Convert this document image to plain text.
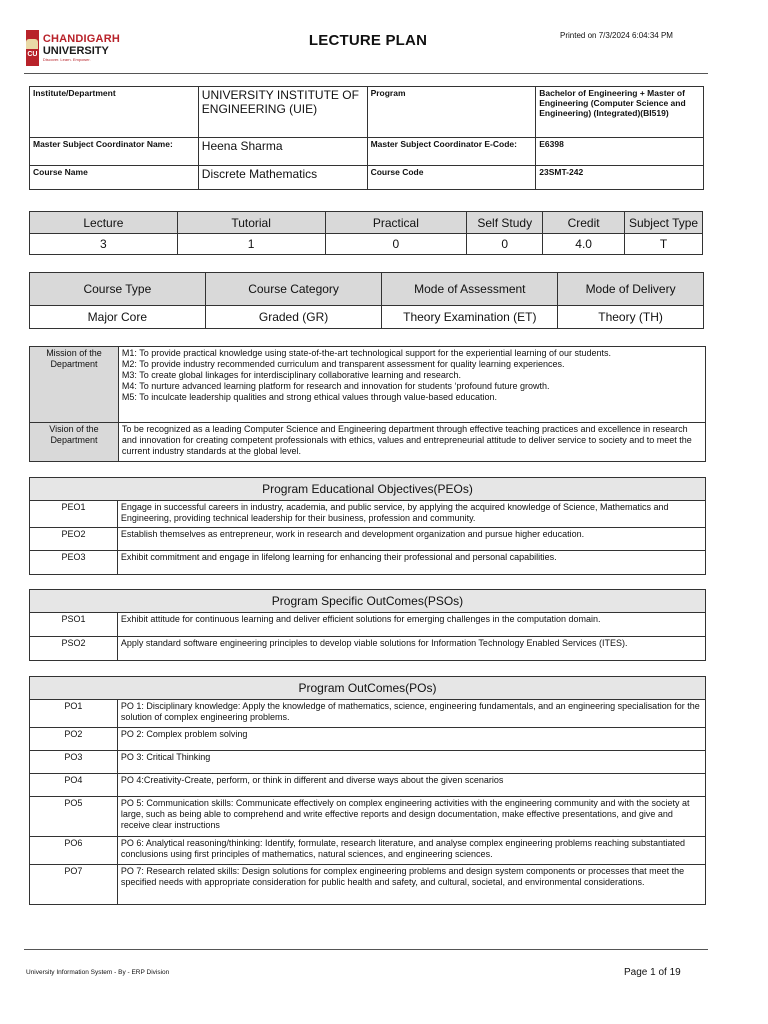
CU
CHANDIGARH
UNIVERSITY
Discover. Learn. Empower.
LECTURE PLAN	Printed on 7/3/2024 6:04:34 PM
Institute/Department	UNIVERSITY INSTITUTE OF ENGINEERING (UIE)	Program	Bachelor of Engineering + Master of Engineering (Computer Science and Engineering) (Integrated)(BI519)
Master Subject Coordinator Name:	Heena Sharma	Master Subject Coordinator E-Code:	E6398
Course Name	Discrete Mathematics	Course Code	23SMT-242
Lecture	Tutorial	Practical	Self Study	Credit	Subject Type
3	1	0	0	4.0	T
Course Type	Course Category	Mode of Assessment	Mode of Delivery
Major Core	Graded (GR)	Theory Examination (ET)	Theory (TH)
Mission of the Department	M1: To provide practical knowledge using state-of-the-art technological support for the experiential learning of our students.
M2: To provide industry recommended curriculum and transparent assessment for quality learning experiences.
M3: To create global linkages for interdisciplinary collaborative learning and research.
M4: To nurture advanced learning platform for research and innovation for students ‘profound future growth.
M5: To inculcate leadership qualities and strong ethical values through value-based education.

Vision of the Department	To be recognized as a leading Computer Science and Engineering department through effective teaching practices and excellence in research and innovation for creating competent professionals with ethics, values and entrepreneurial attitude to deliver service to society and to meet the current industry standards at the global level.
Program Educational Objectives(PEOs)	
PEO1	Engage in successful careers in industry, academia, and public service, by applying the acquired knowledge of Science, Mathematics and Engineering, providing technical leadership for their business, profession and community.
PEO2	Establish themselves as entrepreneur, work in research and development organization and pursue higher education.
PEO3	Exhibit commitment and engage in lifelong learning for enhancing their professional and personal capabilities.
Program Specific OutComes(PSOs)	
PSO1	Exhibit attitude for continuous learning and deliver efficient solutions for emerging challenges in the computation domain.
PSO2	Apply standard software engineering principles to develop viable solutions for Information Technology Enabled Services (ITES).
Program OutComes(POs)	
PO1	PO 1: Disciplinary knowledge: Apply the knowledge of mathematics, science, engineering fundamentals, and an engineering specialisation for the solution of complex engineering problems.
PO2	PO 2: Complex problem solving
PO3	PO 3: Critical Thinking
PO4	PO 4:Creativity-Create, perform, or think in different and diverse ways about the given scenarios
PO5	PO 5: Communication skills: Communicate effectively on complex engineering activities with the engineering community and with the society at large, such as being able to comprehend and write effective reports and design documentation, make effective presentations, and give and receive clear instructions
PO6	PO 6: Analytical reasoning/thinking: Identify, formulate, research literature, and analyse complex engineering problems reaching substantiated conclusions using first principles of mathematics, natural sciences, and engineering sciences.
PO7	PO 7: Research related skills: Design solutions for complex engineering problems and design system components or processes that meet the specified needs with appropriate consideration for public health and safety, and cultural, societal, and environmental considerations.
University Information System - By - ERP Division	Page 1 of 19
